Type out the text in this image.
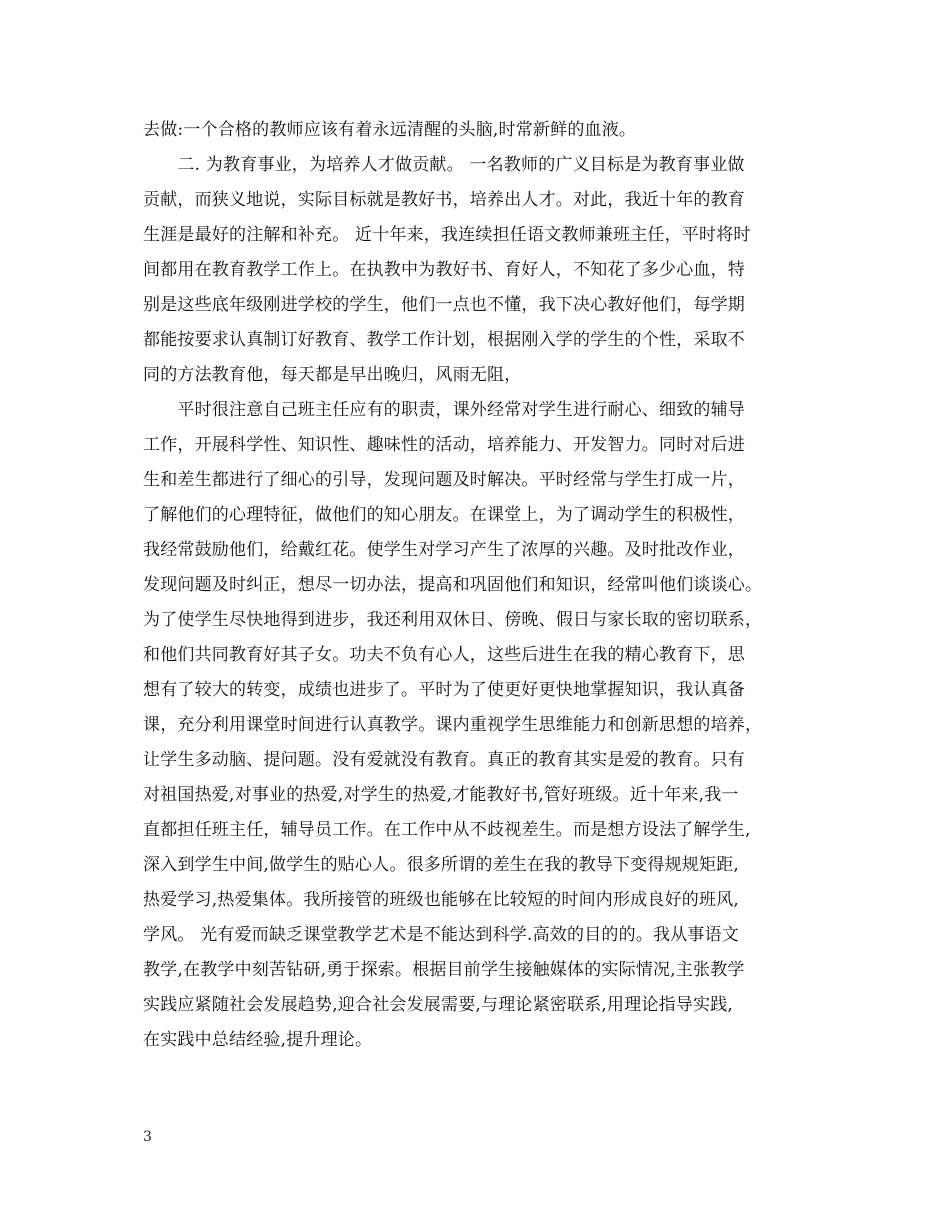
去做:一个合格的教师应该有着永远清醒的头脑,时常新鲜的血液。
　　二. 为教育事业，为培养人才做贡献。 一名教师的广义目标是为教育事业做
贡献，而狭义地说，实际目标就是教好书，培养出人才。对此，我近十年的教育
生涯是最好的注解和补充。 近十年来，我连续担任语文教师兼班主任，平时将时
间都用在教育教学工作上。在执教中为教好书、育好人，不知花了多少心血，特
别是这些底年级刚进学校的学生，他们一点也不懂，我下决心教好他们，每学期
都能按要求认真制订好教育、教学工作计划，根据刚入学的学生的个性，采取不
同的方法教育他，每天都是早出晚归，风雨无阻，
　　平时很注意自己班主任应有的职责，课外经常对学生进行耐心、细致的辅导
工作，开展科学性、知识性、趣味性的活动，培养能力、开发智力。同时对后进
生和差生都进行了细心的引导，发现问题及时解决。平时经常与学生打成一片，
了解他们的心理特征，做他们的知心朋友。在课堂上，为了调动学生的积极性，
我经常鼓励他们，给戴红花。使学生对学习产生了浓厚的兴趣。及时批改作业，
发现问题及时纠正，想尽一切办法，提高和巩固他们和知识，经常叫他们谈谈心。
为了使学生尽快地得到进步，我还利用双休日、傍晚、假日与家长取的密切联系，
和他们共同教育好其子女。功夫不负有心人，这些后进生在我的精心教育下，思
想有了较大的转变，成绩也进步了。平时为了使更好更快地掌握知识，我认真备
课，充分利用课堂时间进行认真教学。课内重视学生思维能力和创新思想的培养，
让学生多动脑、提问题。没有爱就没有教育。真正的教育其实是爱的教育。只有
对祖国热爱,对事业的热爱,对学生的热爱,才能教好书,管好班级。近十年来,我一
直都担任班主任，辅导员工作。在工作中从不歧视差生。而是想方设法了解学生,
深入到学生中间,做学生的贴心人。很多所谓的差生在我的教导下变得规规矩距,
热爱学习,热爱集体。我所接管的班级也能够在比较短的时间内形成良好的班风,
学风。 光有爱而缺乏课堂教学艺术是不能达到科学.高效的目的的。我从事语文
教学,在教学中刻苦钻研,勇于探索。根据目前学生接触媒体的实际情况,主张教学
实践应紧随社会发展趋势,迎合社会发展需要,与理论紧密联系,用理论指导实践,
在实践中总结经验,提升理论。
3
